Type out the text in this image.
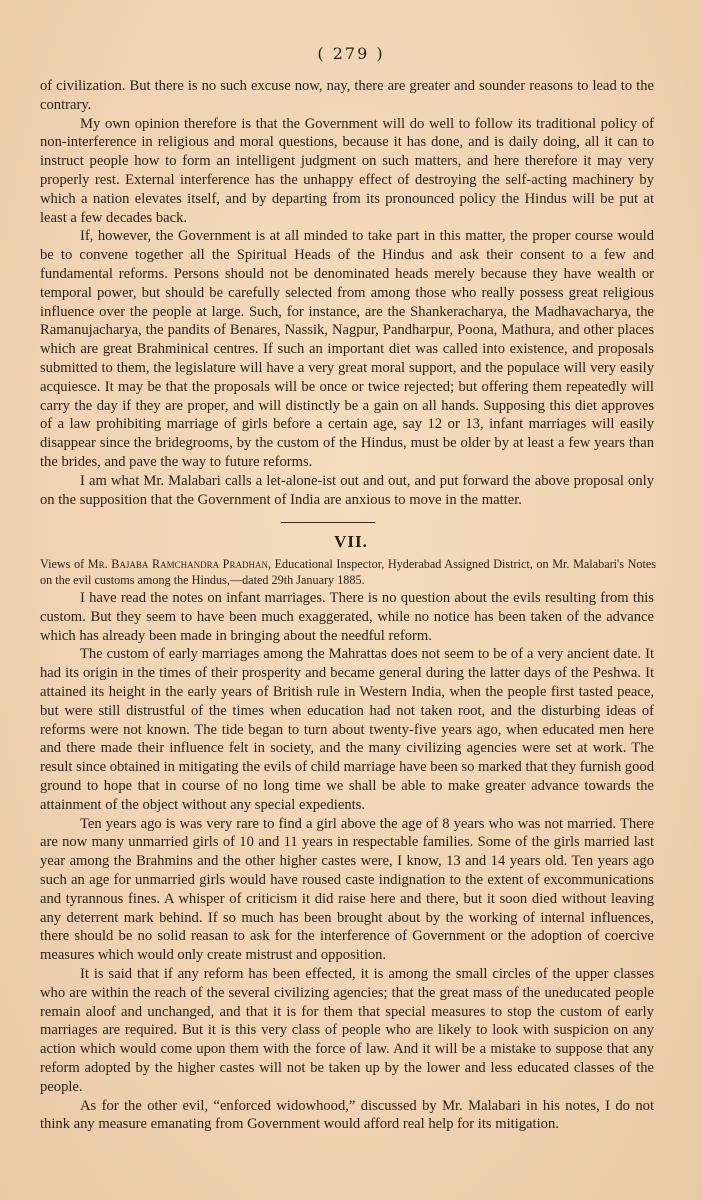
( 279 )

of civilization. But there is no such excuse now, nay, there are greater and sounder reasons to lead to the contrary.

My own opinion therefore is that the Government will do well to follow its traditional policy of non-interference in religious and moral questions, because it has done, and is daily doing, all it can to instruct people how to form an intelligent judgment on such matters, and here therefore it may very properly rest. External interference has the unhappy effect of destroying the self-acting machinery by which a nation elevates itself, and by departing from its pronounced policy the Hindus will be put at least a few decades back.

If, however, the Government is at all minded to take part in this matter, the proper course would be to convene together all the Spiritual Heads of the Hindus and ask their consent to a few and fundamental reforms. Persons should not be denominated heads merely because they have wealth or temporal power, but should be carefully selected from among those who really possess great religious influence over the people at large. Such, for instance, are the Shankeracharya, the Madhavacharya, the Ramanujacharya, the pandits of Benares, Nassik, Nagpur, Pandharpur, Poona, Mathura, and other places which are great Brahminical centres. If such an important diet was called into existence, and proposals submitted to them, the legislature will have a very great moral support, and the populace will very easily acquiesce. It may be that the proposals will be once or twice rejected; but offering them repeatedly will carry the day if they are proper, and will distinctly be a gain on all hands. Supposing this diet approves of a law prohibiting marriage of girls before a certain age, say 12 or 13, infant marriages will easily disappear since the bridegrooms, by the custom of the Hindus, must be older by at least a few years than the brides, and pave the way to future reforms.

I am what Mr. Malabari calls a let-alone-ist out and out, and put forward the above proposal only on the supposition that the Government of India are anxious to move in the matter.

VII.
Views of Mr. Bajaba Ramchandra Pradhan, Educational Inspector, Hyderabad Assigned District, on Mr. Malabari's Notes on the evil customs among the Hindus,—dated 29th January 1885.

I have read the notes on infant marriages. There is no question about the evils resulting from this custom. But they seem to have been much exaggerated, while no notice has been taken of the advance which has already been made in bringing about the needful reform.

The custom of early marriages among the Mahrattas does not seem to be of a very ancient date. It had its origin in the times of their prosperity and became general during the latter days of the Peshwa. It attained its height in the early years of British rule in Western India, when the people first tasted peace, but were still distrustful of the times when education had not taken root, and the disturbing ideas of reforms were not known. The tide began to turn about twenty-five years ago, when educated men here and there made their influence felt in society, and the many civilizing agencies were set at work. The result since obtained in mitigating the evils of child marriage have been so marked that they furnish good ground to hope that in course of no long time we shall be able to make greater advance towards the attainment of the object without any special expedients.

Ten years ago is was very rare to find a girl above the age of 8 years who was not married. There are now many unmarried girls of 10 and 11 years in respectable families. Some of the girls married last year among the Brahmins and the other higher castes were, I know, 13 and 14 years old. Ten years ago such an age for unmarried girls would have roused caste indignation to the extent of excommunications and tyrannous fines. A whisper of criticism it did raise here and there, but it soon died without leaving any deterrent mark behind. If so much has been brought about by the working of internal influences, there should be no solid reasan to ask for the interference of Government or the adoption of coercive measures which would only create mistrust and opposition.

It is said that if any reform has been effected, it is among the small circles of the upper classes who are within the reach of the several civilizing agencies; that the great mass of the uneducated people remain aloof and unchanged, and that it is for them that special measures to stop the custom of early marriages are required. But it is this very class of people who are likely to look with suspicion on any action which would come upon them with the force of law. And it will be a mistake to suppose that any reform adopted by the higher castes will not be taken up by the lower and less educated classes of the people.

As for the other evil, “enforced widowhood,” discussed by Mr. Malabari in his notes, I do not think any measure emanating from Government would afford real help for its mitigation.
